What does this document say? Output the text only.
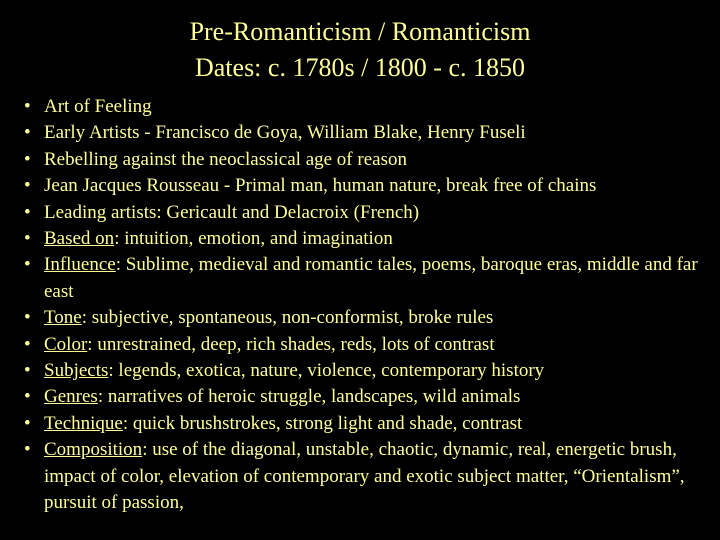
Pre-Romanticism / Romanticism
Dates: c. 1780s / 1800 - c. 1850
• Art of Feeling
• Early Artists - Francisco de Goya, William Blake, Henry Fuseli
• Rebelling against the neoclassical age of reason
• Jean Jacques Rousseau - Primal man, human nature, break free of chains
• Leading artists: Gericault and Delacroix (French)
• Based on: intuition, emotion, and imagination
• Influence: Sublime, medieval and romantic tales, poems, baroque eras, middle and far east
• Tone: subjective, spontaneous, non-conformist, broke rules
• Color: unrestrained, deep, rich shades, reds, lots of contrast
• Subjects: legends, exotica, nature, violence, contemporary history
• Genres: narratives of heroic struggle, landscapes, wild animals
• Technique: quick brushstrokes, strong light and shade, contrast
• Composition: use of the diagonal, unstable, chaotic, dynamic, real, energetic brush, impact of color, elevation of contemporary and exotic subject matter, “Orientalism”, pursuit of passion,
